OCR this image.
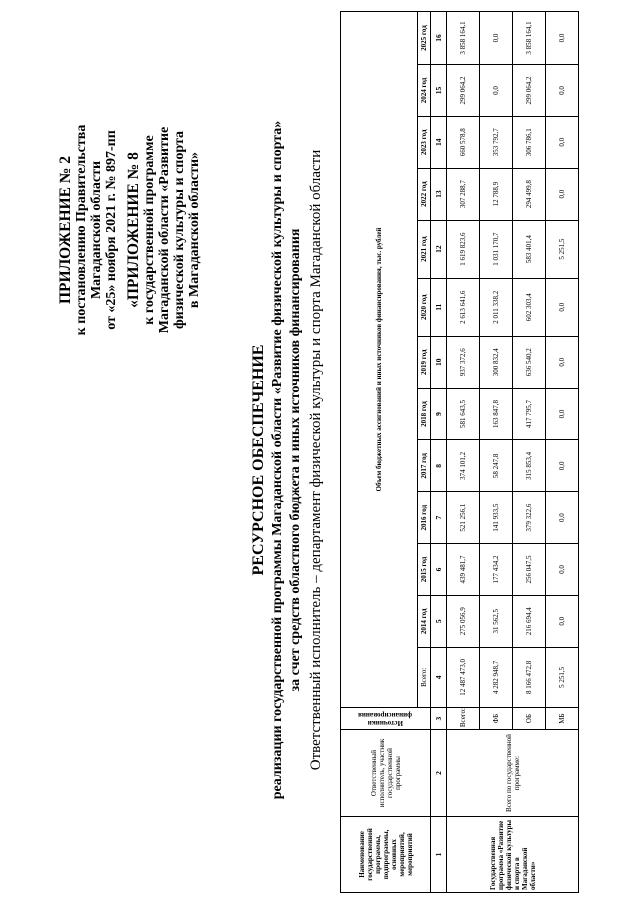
ПРИЛОЖЕНИЕ № 2 к постановлению Правительства Магаданской области от «25» ноября 2021 г. № 897-пп «ПРИЛОЖЕНИЕ № 8 к государственной программе Магаданской области «Развитие физической культуры и спорта в Магаданской области»
РЕСУРСНОЕ ОБЕСПЕЧЕНИЕ реализации государственной программы Магаданской области «Развитие физической культуры и спорта» за счет средств областного бюджета и иных источников финансирования Ответственный исполнитель – департамент физической культуры и спорта Магаданской области
Наименование государственной программы, подпрограммы, основных мероприятий, мероприятий	Ответственный исполнитель, участник государственной программы	Источники финансирования	Объем бюджетных ассигнований и иных источников финансирования, тыс. рублей												
			Всего:	2014 год	2015 год	2016 год	2017 год	2018 год	2019 год	2020 год	2021 год	2022 год	2023 год	2024 год	2025 год
1	2	3	4	5	6	7	8	9	10	11	12	13	14	15	16
Государственная программа «Развитие физической культуры и спорта в Магаданской области»	Всего по государственной программе:	Всего:	12 487 473,0	275 056,9	439 481,7	521 256,1	374 101,2	581 643,5	937 372,6	2 613 641,6	1 619 823,6	307 288,7	660 578,8	299 064,2	3 858 164,1
		ФБ	4 282 948,7	31 562,5	177 434,2	141 933,5	58 247,8	163 847,8	300 832,4	2 011 338,2	1 031 170,7	12 788,9	353 792,7	0,0	0,0
		ОБ	8 166 472,8	216 694,4	256 047,5	379 322,6	315 853,4	417 795,7	636 540,2	602 303,4	583 401,4	294 499,8	306 786,1	299 064,2	3 858 164,1
		МБ	5 251,5	0,0	0,0	0,0	0,0	0,0	0,0	0,0	5 251,5	0,0	0,0	0,0	0,0
